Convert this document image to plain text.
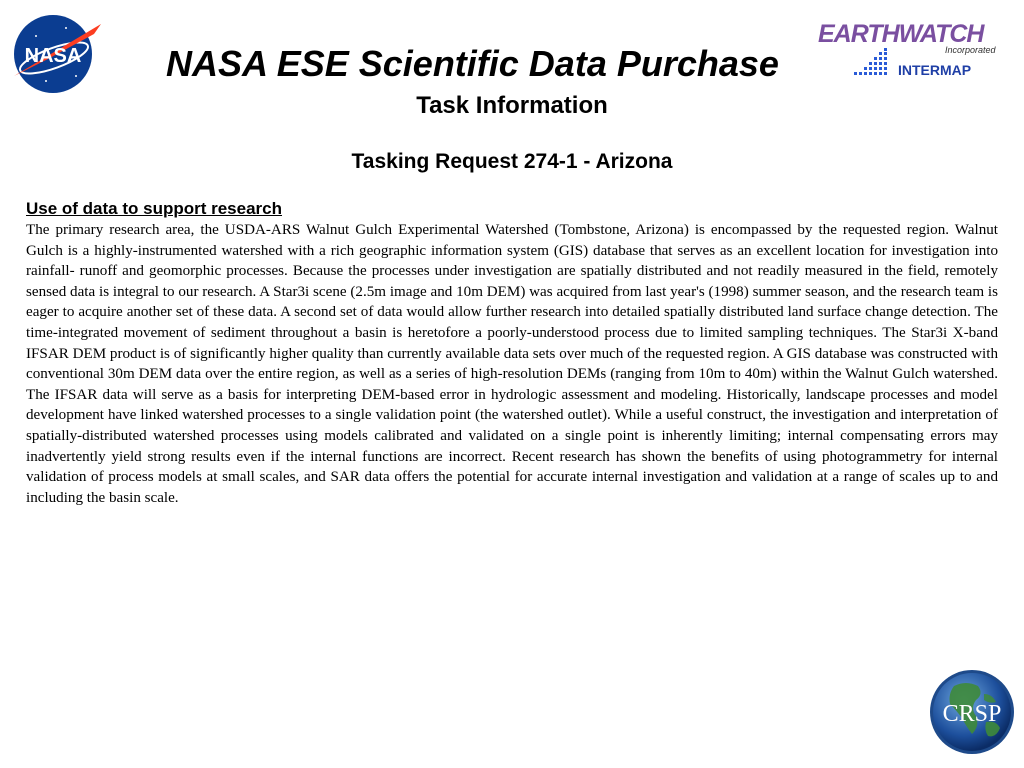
NASA
EARTHWATCH
Incorporated
INTERMAP
NASA ESE Scientific Data Purchase
Task Information
Tasking Request 274-1 - Arizona
Use of data to support research

The primary research area, the USDA-ARS Walnut Gulch Experimental Watershed (Tombstone, Arizona) is encompassed by the requested region. Walnut Gulch is a highly-instrumented watershed with a rich geographic information system (GIS) database that serves as an excellent location for investigation into rainfall- runoff and geomorphic processes. Because the processes under investigation are spatially distributed and not readily measured in the field, remotely sensed data is integral to our research. A Star3i scene (2.5m image and 10m DEM) was acquired from last year's (1998) summer season, and the research team is eager to acquire another set of these data. A second set of data would allow further research into detailed spatially distributed land surface change detection. The time-integrated movement of sediment throughout a basin is heretofore a poorly-understood process due to limited sampling techniques. The Star3i X-band IFSAR DEM product is of significantly higher quality than currently available data sets over much of the requested region. A GIS database was constructed with conventional 30m DEM data over the entire region, as well as a series of high-resolution DEMs (ranging from 10m to 40m) within the Walnut Gulch watershed. The IFSAR data will serve as a basis for interpreting DEM-based error in hydrologic assessment and modeling. Historically, landscape processes and model development have linked watershed processes to a single validation point (the watershed outlet). While a useful construct, the investigation and interpretation of spatially-distributed watershed processes using models calibrated and validated on a single point is inherently limiting; internal compensating errors may inadvertently yield strong results even if the internal functions are incorrect. Recent research has shown the benefits of using photogrammetry for internal validation of process models at small scales, and SAR data offers the potential for accurate internal investigation and validation at a range of scales up to and including the basin scale.

CRSP
